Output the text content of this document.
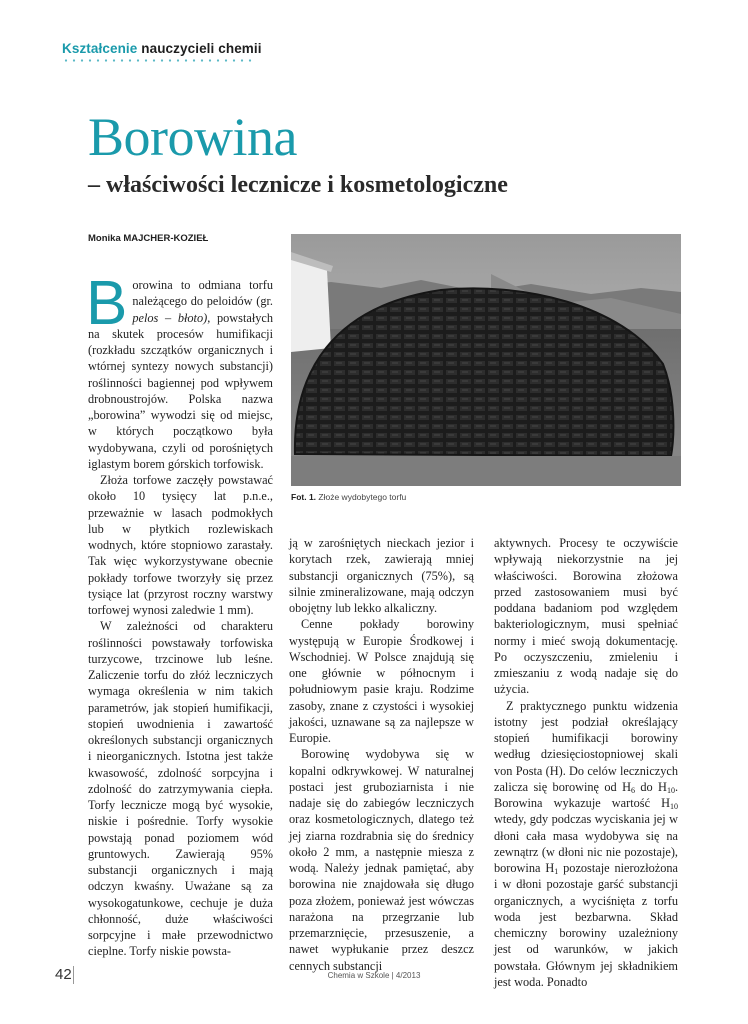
Kształcenie nauczycieli chemii
Borowina
– właściwości lecznicze i kosmetologiczne
Monika MAJCHER-KOZIEŁ
Fot. 1. Złoże wydobytego torfu

Borowina to odmiana torfu należącego do peloidów (gr. pelos – błoto), powstałych na skutek procesów humifikacji (rozkładu szczątków organicznych i wtórnej syntezy nowych substancji) roślinności bagiennej pod wpływem drobnoustrojów. Polska nazwa „borowina” wywodzi się od miejsc, w których początkowo była wydobywana, czyli od porośniętych iglastym borem górskich torfowisk.

Złoża torfowe zaczęły powstawać około 10 tysięcy lat p.n.e., przeważnie w lasach podmokłych lub w płytkich rozlewiskach wodnych, które stopniowo zarastały. Tak więc wykorzystywane obecnie pokłady torfowe tworzyły się przez tysiące lat (przyrost roczny warstwy torfowej wynosi zaledwie 1 mm).

W zależności od charakteru roślinności powstawały torfowiska turzycowe, trzcinowe lub leśne. Zaliczenie torfu do złóż leczniczych wymaga określenia w nim takich parametrów, jak stopień humifikacji, stopień uwodnienia i zawartość określonych substancji organicznych i nieorganicznych. Istotna jest także kwasowość, zdolność sorpcyjna i zdolność do zatrzymywania ciepła. Torfy lecznicze mogą być wysokie, niskie i pośrednie. Torfy wysokie powstają ponad poziomem wód gruntowych. Zawierają 95% substancji organicznych i mają odczyn kwaśny. Uważane są za wysokogatunkowe, cechuje je duża chłonność, duże właściwości sorpcyjne i małe przewodnictwo cieplne. Torfy niskie powsta-

ją w zarośniętych nieckach jezior i korytach rzek, zawierają mniej substancji organicznych (75%), są silnie zmineralizowane, mają odczyn obojętny lub lekko alkaliczny.

Cenne pokłady borowiny występują w Europie Środkowej i Wschodniej. W Polsce znajdują się one głównie w północnym i południowym pasie kraju. Rodzime zasoby, znane z czystości i wysokiej jakości, uznawane są za najlepsze w Europie.

Borowinę wydobywa się w kopalni odkrywkowej. W naturalnej postaci jest gruboziarnista i nie nadaje się do zabiegów leczniczych oraz kosmetologicznych, dlatego też jej ziarna rozdrabnia się do średnicy około 2 mm, a następnie miesza z wodą. Należy jednak pamiętać, aby borowina nie znajdowała się długo poza złożem, ponieważ jest wówczas narażona na przegrzanie lub przemarznięcie, przesuszenie, a nawet wypłukanie przez deszcz cennych substancji

aktywnych. Procesy te oczywiście wpływają niekorzystnie na jej właściwości. Borowina złożowa przed zastosowaniem musi być poddana badaniom pod względem bakteriologicznym, musi spełniać normy i mieć swoją dokumentację. Po oczyszczeniu, zmieleniu i zmieszaniu z wodą nadaje się do użycia.

Z praktycznego punktu widzenia istotny jest podział określający stopień humifikacji borowiny według dziesięciostopniowej skali von Posta (H). Do celów leczniczych zalicza się borowinę od $H_6$ do $H_{10}$. Borowina wykazuje wartość $H_{10}$ wtedy, gdy podczas wyciskania jej w dłoni cała masa wydobywa się na zewnątrz (w dłoni nic nie pozostaje), borowina $H_1$ pozostaje nierozłożona i w dłoni pozostaje garść substancji organicznych, a wyciśnięta z torfu woda jest bezbarwna. Skład chemiczny borowiny uzależniony jest od warunków, w jakich powstała. Głównym jej składnikiem jest woda. Ponadto

42	Chemia w Szkole | 4/2013
